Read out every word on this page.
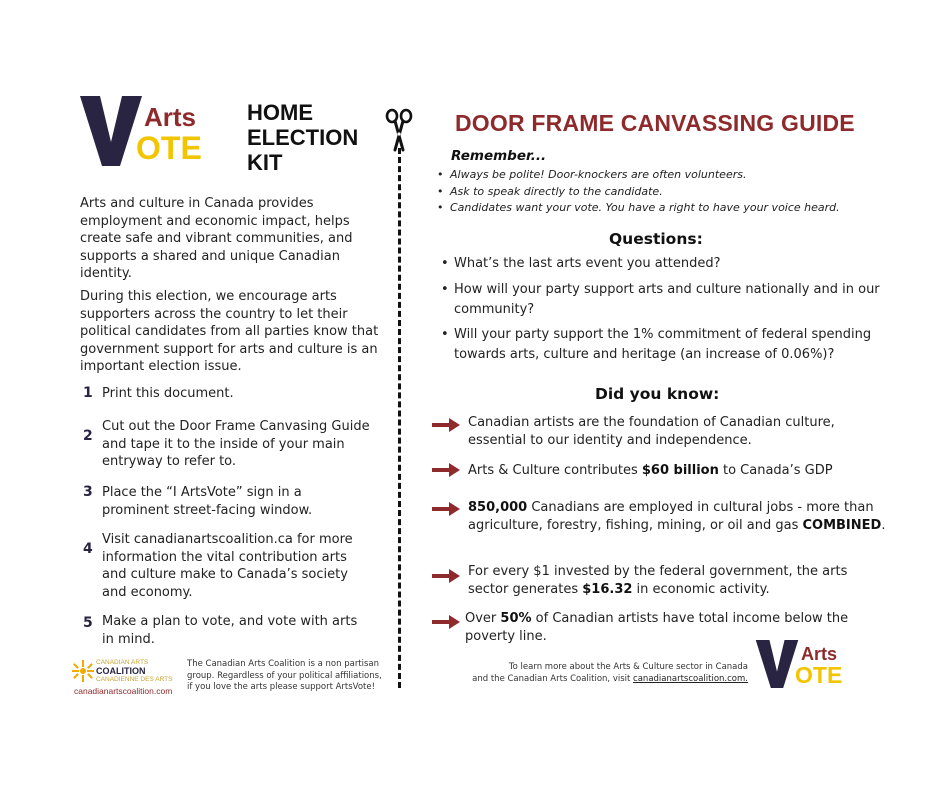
Arts
OTE
HOME
ELECTION
KIT
Arts and culture in Canada provides employment and economic impact, helps create safe and vibrant communities, and supports a shared and unique Canadian identity.
During this election, we encourage arts supporters across the country to let their political candidates from all parties know that government support for arts and culture is an important election issue.
1 Print this document.
2
Cut out the Door Frame Canvasing Guide and tape it to the inside of your main entryway to refer to.
3 Place the “I ArtsVote” sign in a prominent street-facing window.
4
Visit canadianartscoalition.ca for more information the vital contribution arts and culture make to Canada’s society and economy.
5 Make a plan to vote, and vote with arts in mind.
CANADIAN ARTS
COALITION
CANADIENNE DES ARTS
canadianartscoalition.com
The Canadian Arts Coalition is a non partisan group. Regardless of your political affiliations, if you love the arts please support ArtsVote!
DOOR FRAME CANVASSING GUIDE
Remember...
• Always be polite! Door-knockers are often volunteers.
• Ask to speak directly to the candidate.
• Candidates want your vote. You have a right to have your voice heard.
Questions:
• What’s the last arts event you attended?
• How will your party support arts and culture nationally and in our community?
• Will your party support the 1% commitment of federal spending towards arts, culture and heritage (an increase of 0.06%)?
Did you know:
Canadian artists are the foundation of Canadian culture, essential to our identity and independence.
Arts & Culture contributes $60 billion to Canada’s GDP
850,000 Canadians are employed in cultural jobs - more than agriculture, forestry, fishing, mining, or oil and gas COMBINED.
For every $1 invested by the federal government, the arts sector generates $16.32 in economic activity.
Over 50% of Canadian artists have total income below the poverty line.
To learn more about the Arts & Culture sector in Canada
and the Canadian Arts Coalition, visit canadianartscoalition.com.
Arts
OTE
